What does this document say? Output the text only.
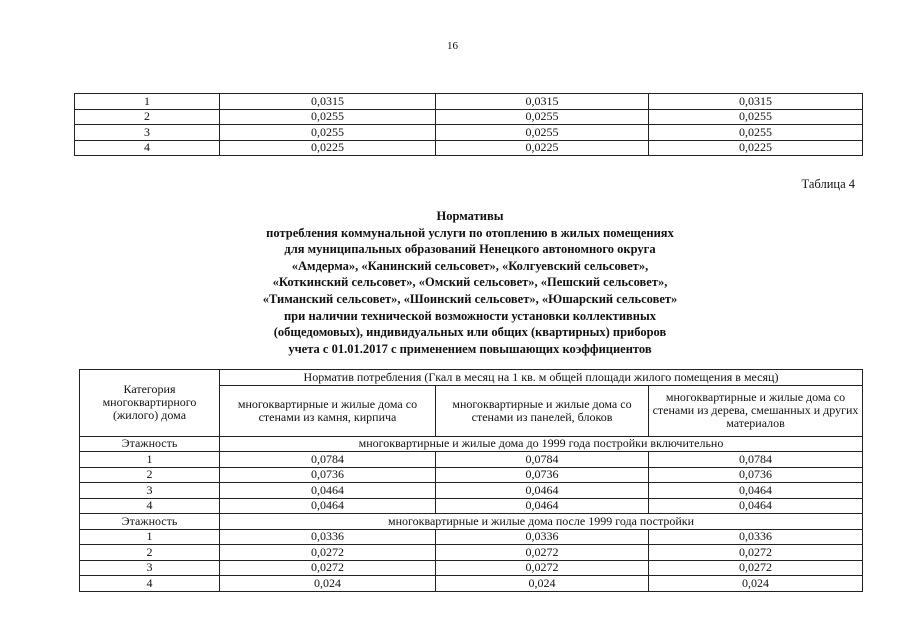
16
1	0,0315	0,0315	0,0315
2	0,0255	0,0255	0,0255
3	0,0255	0,0255	0,0255
4	0,0225	0,0225	0,0225
Таблица 4
Нормативы
потребления коммунальной услуги по отоплению в жилых помещениях
для муниципальных образований Ненецкого автономного округа
«Амдерма», «Канинский сельсовет», «Колгуевский сельсовет»,
«Коткинский сельсовет», «Омский сельсовет», «Пешский сельсовет»,
«Тиманский сельсовет», «Шоинский сельсовет», «Юшарский сельсовет»
при наличии технической возможности установки коллективных
(общедомовых), индивидуальных или общих (квартирных) приборов
учета с 01.01.2017 с применением повышающих коэффициентов
Категория многоквартирного (жилого) дома	Норматив потребления (Гкал в месяц на 1 кв. м общей площади жилого помещения в месяц)		
	многоквартирные и жилые дома со стенами из камня, кирпича	многоквартирные и жилые дома со стенами из панелей, блоков	многоквартирные и жилые дома со стенами из дерева, смешанных и других материалов
Этажность	многоквартирные и жилые дома до 1999 года постройки включительно		
1	0,0784	0,0784	0,0784
2	0,0736	0,0736	0,0736
3	0,0464	0,0464	0,0464
4	0,0464	0,0464	0,0464
Этажность	многоквартирные и жилые дома после 1999 года постройки		
1	0,0336	0,0336	0,0336
2	0,0272	0,0272	0,0272
3	0,0272	0,0272	0,0272
4	0,024	0,024	0,024
